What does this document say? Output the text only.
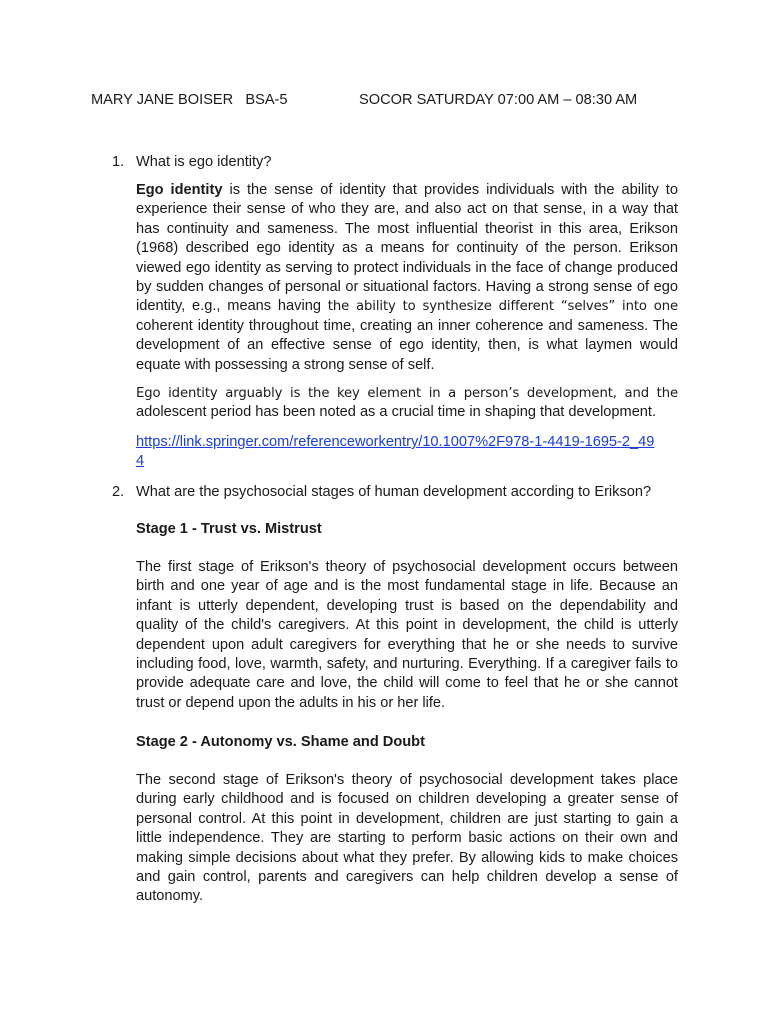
MARY JANE BOISER   BSA-5	SOCOR SATURDAY 07:00 AM – 08:30 AM
1. What is ego identity?

Ego identity is the sense of identity that provides individuals with the ability to experience their sense of who they are, and also act on that sense, in a way that has continuity and sameness. The most influential theorist in this area, Erikson (1968) described ego identity as a means for continuity of the person. Erikson viewed ego identity as serving to protect individuals in the face of change produced by sudden changes of personal or situational factors. Having a strong sense of ego identity, e.g., means having the ability to synthesize different “selves” into one coherent identity throughout time, creating an inner coherence and sameness. The development of an effective sense of ego identity, then, is what laymen would equate with possessing a strong sense of self.

Ego identity arguably is the key element in a person’s development, and the adolescent period has been noted as a crucial time in shaping that development.

https://link.springer.com/referenceworkentry/10.1007%2F978-1-4419-1695-2_494
2. What are the psychosocial stages of human development according to Erikson?
Stage 1 - Trust vs. Mistrust

The first stage of Erikson's theory of psychosocial development occurs between birth and one year of age and is the most fundamental stage in life. Because an infant is utterly dependent, developing trust is based on the dependability and quality of the child's caregivers. At this point in development, the child is utterly dependent upon adult caregivers for everything that he or she needs to survive including food, love, warmth, safety, and nurturing. Everything. If a caregiver fails to provide adequate care and love, the child will come to feel that he or she cannot trust or depend upon the adults in his or her life.

Stage 2 - Autonomy vs. Shame and Doubt

The second stage of Erikson's theory of psychosocial development takes place during early childhood and is focused on children developing a greater sense of personal control. At this point in development, children are just starting to gain a little independence. They are starting to perform basic actions on their own and making simple decisions about what they prefer. By allowing kids to make choices and gain control, parents and caregivers can help children develop a sense of autonomy.
